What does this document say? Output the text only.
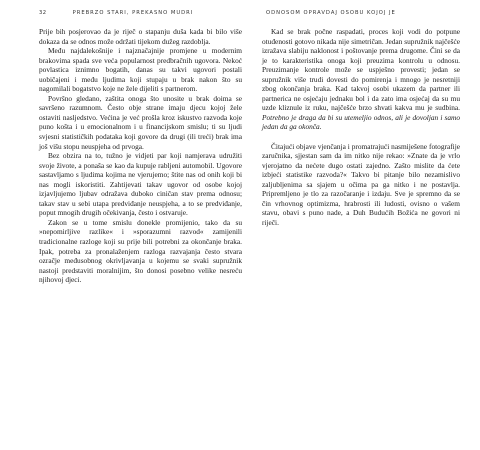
32	PREBRZO STARI, PREKASNO MUDRI	ODNOSOM OPRAVDAJ OSOBU KOJOJ JE

Prije bih posjerovao da je riječ o stapanju duša kada bi bilo više dokaza da se odnos može održati tijekom dužeg razdoblja.

Među najdalekošnije i najznačajnije promjene u modernim brakovima spada sve veća popularnost predbračnih ugovora. Nekoć povlastica iznimno bogatih, danas su takvi ugovori postali uobičajeni i među ljudima koji stupaju u brak nakon što su nagomilali bogatstvo koje ne žele dijeliti s partnerom.

Površno gledano, zaštita onoga što unosite u brak doima se savršeno razumnom. Često obje strane imaju djecu kojoj žele ostaviti nasljedstvo. Većina je već prošla kroz iskustvo razvoda koje puno košta i u emocionalnom i u financijskom smislu; ti su ljudi svjesni statističkih podataka koji govore da drugi (ili treći) brak ima još višu stopu neuspjeha od prvoga.

Bez obzira na to, tužno je vidjeti par koji namjerava udružiti svoje živote, a ponaša se kao da kupuje rabljeni automobil. Ugovore sastavljamo s ljudima kojima ne vjerujemo; štite nas od onih koji bi nas mogli iskoristiti. Zahtijevati takav ugovor od osobe kojoj izjavljujemo ljubav odražava duboko ciničan stav prema odnosu; takav stav u sebi utapa predviđanje neuspjeha, a to se predviđanje, poput mnogih drugih očekivanja, često i ostvaruje.

Zakon se u tome smislu donekle promijenio, tako da su »nepomirljive razlike« i »sporazumni razvod« zamijenili tradicionalne razloge koji su prije bili potrebni za okončanje braka. Ipak, potreba za pronalaženjem razloga razvajanja često stvara ozračje međusobnog okrivljavanja u kojemu se svaki supružnik nastoji predstaviti moralnijim, što donosi posebno velike nesreću njihovoj djeci.

Kad se brak počne raspadati, proces koji vodi do potpune otuđenosti gotovo nikada nije simetričan. Jedan supružnik najčešće izražava slabiju naklonost i poštovanje prema drugome. Čini se da je to karakteristika onoga koji preuzima kontrolu u odnosu. Preuzimanje kontrole može se uspješno provesti; jedan se supružnik više trudi dovesti do pomirenja i mnogo je nesretniji zbog okončanja braka. Kad takvoj osobi ukazem da partner ili partnerica ne osjećaju jednaku bol i da zato ima osjećaj da su mu uzde kliznule iz ruku, najčešće brzo shvati kakva mu je sudbina. Potrebno je draga da bi su utemeljio odnos, ali je dovoljan i samo jedan da ga okonča.

Čitajući objave vjenčanja i promatrajući nasmiješene fotografije zaručnika, sjjestan sam da im nitko nije rekao: »Znate da je vrlo vjerojatno da nećete dugo ostati zajedno. Zašto mislite da ćete izbjeći statistike razvoda?« Takvo bi pitanje bilo nezamislivo zaljubljenima sa sjajem u očima pa ga nitko i ne postavlja. Pripremljeno je tlo za razočaranje i izdaju. Sve je spremno da se čin vrhovnog optimizma, hrabrosti ili ludosti, ovisno o vašem stavu, obavi s puno nade, a Duh Budućih Božića ne govori ni riječi.
